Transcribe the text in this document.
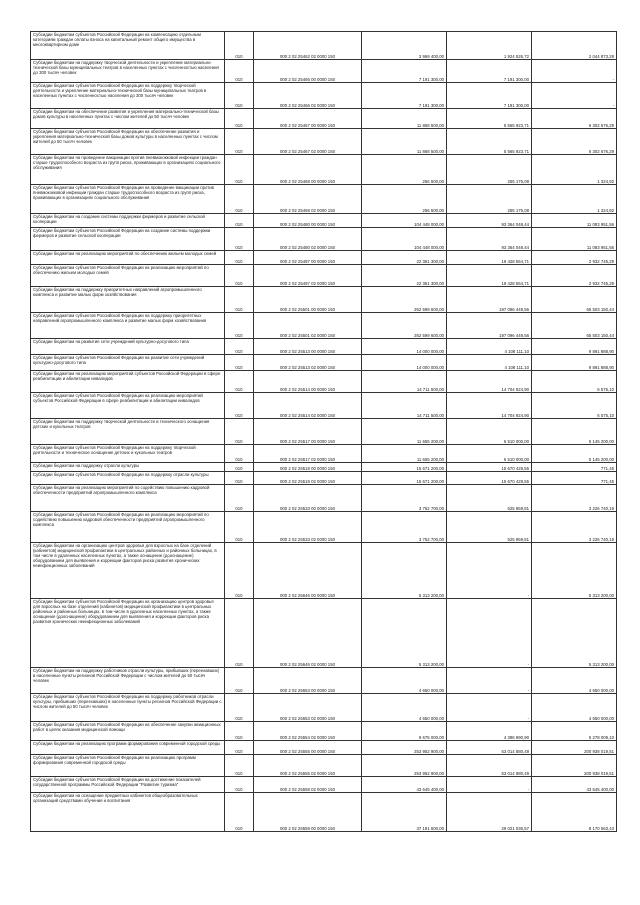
Субсидии бюджетам субъектов Российской Федерации на компенсацию отдельным категориям граждан оплаты взноса на капитальный ремонт общего имущества в многоквартирном доме	010	000 2 02 25462 02 0000 150	3 969 400,00	1 924 526,72	2 044 873,28
Субсидии бюджетам на поддержку творческой деятельности и укрепление материально-технической базы муниципальных театров в населенных пунктах с численностью населения до 300 тысяч человек	010	000 2 02 25466 00 0000 150	7 191 300,00	7 191 300,00	-
Субсидии бюджетам субъектов Российской Федерации на поддержку творческой деятельности и укрепление материально-технической базы муниципальных театров в населенных пунктах с численностью населения до 300 тысяч человек	010	000 2 02 25466 02 0000 150	7 191 300,00	7 191 300,00	-
Субсидии бюджетам на обеспечение развития и укрепления материально-технической базы домов культуры в населенных пунктах с числом жителей до 50 тысяч человек	010	000 2 02 25467 00 0000 150	11 868 500,00	5 565 923,71	6 302 676,29
Субсидии бюджетам субъектов Российской Федерации на обеспечение развития и укрепления материально-технической базы домов культуры в населенных пунктах с числом жителей до 50 тысяч человек	010	000 2 02 25467 02 0000 150	11 868 500,00	5 565 923,71	6 302 676,29
Субсидии бюджетам на проведение вакцинации против пневмококковой инфекции граждан старше трудоспособного возраста из групп риска, проживающих в организациях социального обслуживания	010	000 2 02 25468 00 0000 150	256 500,00	255 175,08	1 324,92
Субсидии бюджетам субъектов Российской Федерации на проведение вакцинации против пневмококковой инфекции граждан старше трудоспособного возраста из групп риска, проживающих в организациях социального обслуживания	010	000 2 02 25468 02 0000 150	256 500,00	255 175,08	1 324,92
Субсидии бюджетам на создание системы поддержки фермеров и развитие сельской кооперации	010	000 2 02 25480 00 0000 150	104 448 000,00	93 364 048,44	11 083 951,56
Субсидии бюджетам субъектов Российской Федерации на создание системы поддержки фермеров и развитие сельской кооперации	010	000 2 02 25480 02 0000 150	104 448 000,00	93 364 048,44	11 083 951,56
Субсидии бюджетам на реализацию мероприятий по обеспечению жильем молодых семей	010	000 2 02 25497 00 0000 150	22 361 300,00	19 428 554,71	2 932 745,29
Субсидии бюджетам субъектов Российской Федерации на реализацию мероприятий по обеспечению жильем молодых семей	010	000 2 02 25497 02 0000 150	22 361 300,00	19 428 554,71	2 932 745,29
Субсидии бюджетам на поддержку приоритетных направлений агропромышленного комплекса и развитие малых форм хозяйствования	010	000 2 02 25501 00 0000 150	262 599 600,00	197 096 449,56	65 503 150,44
Субсидии бюджетам субъектов Российской Федерации на поддержку приоритетных направлений агропромышленного комплекса и развитие малых форм хозяйствования	010	000 2 02 25501 02 0000 150	262 599 600,00	197 096 449,56	65 503 150,44
Субсидии бюджетам на развитие сети учреждений культурно-досугового типа	010	000 2 02 25513 00 0000 150	14 000 000,00	4 108 111,10	9 891 888,90
Субсидии бюджетам субъектов Российской Федерации на развитие сети учреждений культурно-досугового типа	010	000 2 02 25513 02 0000 150	14 000 000,00	4 108 111,10	9 891 888,90
Субсидии бюджетам на реализацию мероприятий субъектов Российской Федерации в сфере реабилитации и абилитации инвалидов	010	000 2 02 25514 00 0000 150	14 711 500,00	14 704 924,90	6 575,10
Субсидии бюджетам субъектов Российской Федерации на реализацию мероприятий субъектов Российской Федерации в сфере реабилитации и абилитации инвалидов	010	000 2 02 25514 02 0000 150	14 711 500,00	14 704 924,90	6 575,10
Субсидии бюджетам на поддержку творческой деятельности и технического оснащения детских и кукольных театров	010	000 2 02 25517 00 0000 150	11 655 200,00	6 510 000,00	5 145 200,00
Субсидии бюджетам субъектов Российской Федерации на поддержку творческой деятельности и техническое оснащение детских и кукольных театров	010	000 2 02 25517 02 0000 150	11 655 200,00	6 510 000,00	5 145 200,00
Субсидии бюджетам на поддержку отрасли культуры	010	000 2 02 25519 00 0000 150	15 671 200,00	15 670 428,55	771,45
Субсидии бюджетам субъектов Российской Федерации на поддержку отрасли культуры	010	000 2 02 25519 02 0000 150	15 671 200,00	15 670 428,55	771,45
Субсидии бюджетам на реализацию мероприятий по содействию повышению кадровой обеспеченности предприятий агропромышленного комплекса	010	000 2 02 25533 00 0000 150	3 752 700,00	525 959,81	3 226 740,19
Субсидии бюджетам субъектов Российской Федерации на реализацию мероприятий по содействию повышению кадровой обеспеченности предприятий агропромышленного комплекса	010	000 2 02 25533 02 0000 150	3 752 700,00	525 959,81	3 226 740,19
Субсидии бюджетам на организацию центров здоровья для взрослых на базе отделений (кабинетов) медицинской профилактики в центральных районных и районных больницах, в том числе в удаленных населенных пунктах, а также оснащение (дооснащение) оборудованием для выявления и коррекции факторов риска развития хронических неинфекционных заболеваний	010	000 2 02 25646 00 0000 150	5 313 200,00	-	5 313 200,00
Субсидии бюджетам субъектов Российской Федерации на организацию центров здоровья для взрослых на базе отделений (кабинетов) медицинской профилактики в центральных районных и районных больницах, в том числе в удаленных населенных пунктах, а также оснащение (дооснащение) оборудованием для выявления и коррекции факторов риска развития хронических неинфекционных заболеваний	010	000 2 02 25646 02 0000 150	5 313 200,00	-	5 313 200,00
Субсидии бюджетам на поддержку работников отрасли культуры, прибывших (переехавших) в населенные пункты регионов Российской Федерации с числом жителей до 50 тысяч человек	010	000 2 02 25653 00 0000 150	4 650 000,00	-	4 650 000,00
Субсидии бюджетам субъектов Российской Федерации на поддержку работников отрасли культуры, прибывших (переехавших) в населенные пункты регионов Российской Федерации с числом жителей до 50 тысяч человек	010	000 2 02 25653 02 0000 150	4 650 000,00	-	4 650 000,00
Субсидии бюджетам субъектов Российской Федерации на обеспечение закупки авиационных работ в целях оказания медицинской помощи	010	000 2 02 25554 02 0000 150	9 675 000,00	4 396 990,90	5 278 009,10
Субсидии бюджетам на реализацию программ формирования современной городской среды	010	000 2 02 25555 00 0000 150	253 952 900,00	53 014 880,49	200 938 019,51
Субсидии бюджетам субъектов Российской Федерации на реализацию программ формирования современной городской среды	010	000 2 02 25555 02 0000 150	253 952 900,00	53 014 880,49	200 938 019,51
Субсидии бюджетам субъектов Российской Федерации на достижение показателей государственной программы Российской Федерации "Развитие туризма"	010	000 2 02 25558 02 0000 150	43 645 400,00	-	43 645 400,00
Субсидии бюджетам на оснащение предметных кабинетов общеобразовательных организаций средствами обучения и воспитания	010	000 2 02 25559 00 0000 150	37 191 600,00	29 021 036,57	8 170 563,43
